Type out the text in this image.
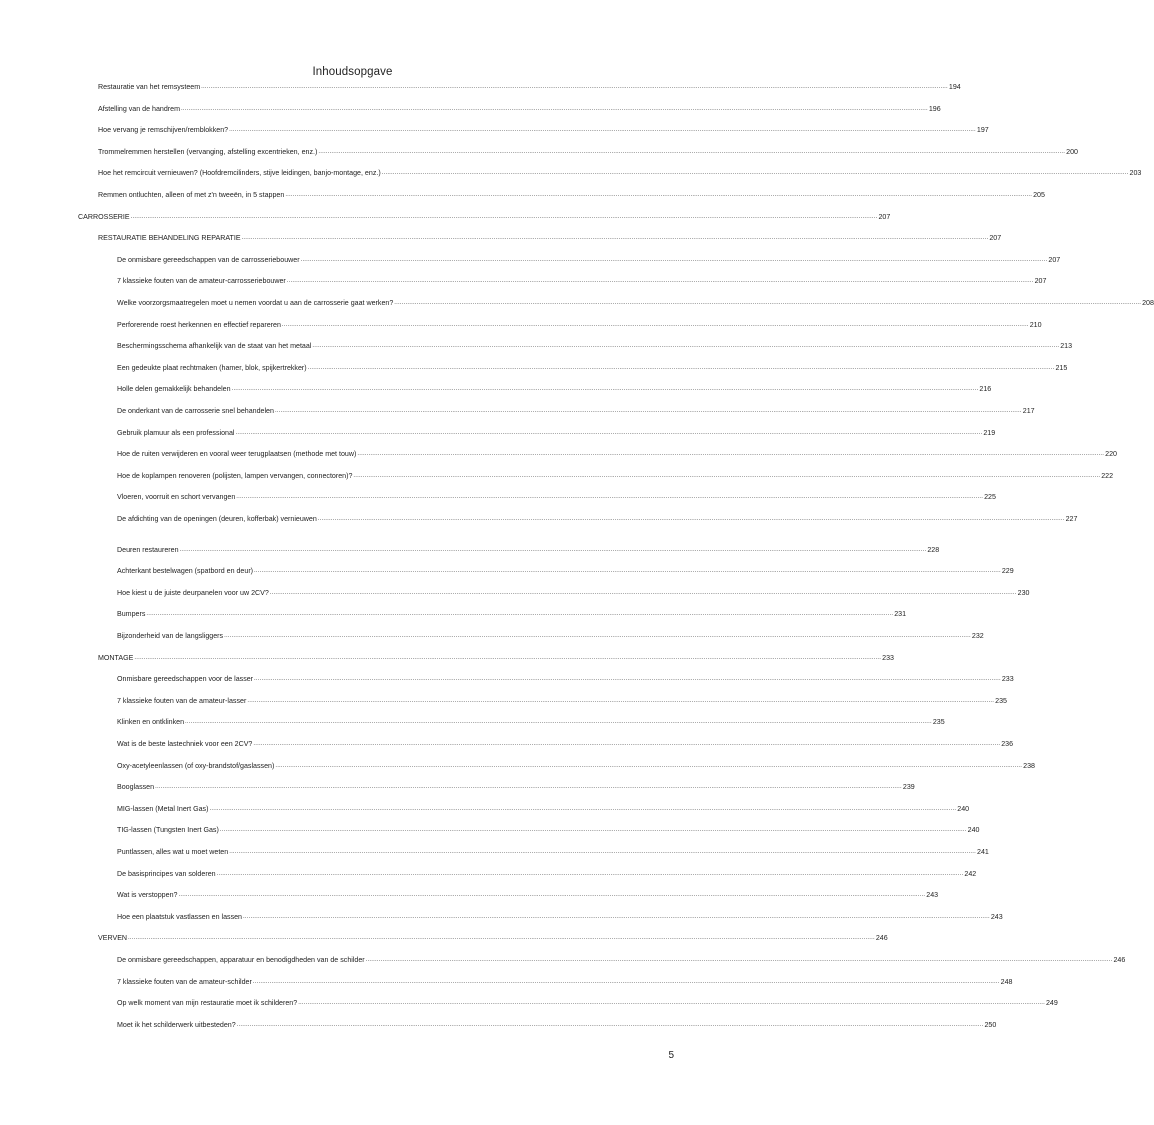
Inhoudsopgave
Restauratie van het remsysteem ................................................................................................................................................................................................................................................................................................................................................................................................................ 194
Afstelling van de handrem ................................................................................................................................................................................................................................................................................................................................................................................................................ 196
Hoe vervang je remschijven/remblokken? ................................................................................................................................................................................................................................................................................................................................................................................................................ 197
Trommelremmen herstellen (vervanging, afstelling excentrieken, enz.) ................................................................................................................................................................................................................................................................................................................................................................................................................ 200
Hoe het remcircuit vernieuwen? (Hoofdremcilinders, stijve leidingen, banjo-montage, enz.) ................................................................................................................................................................................................................................................................................................................................................................................................................ 203
Remmen ontluchten, alleen of met z'n tweeën, in 5 stappen ................................................................................................................................................................................................................................................................................................................................................................................................................ 205
CARROSSERIE ................................................................................................................................................................................................................................................................................................................................................................................................................ 207
RESTAURATIE BEHANDELING REPARATIE ................................................................................................................................................................................................................................................................................................................................................................................................................ 207
De onmisbare gereedschappen van de carrosseriebouwer ................................................................................................................................................................................................................................................................................................................................................................................................................ 207
7 klassieke fouten van de amateur-carrosseriebouwer ................................................................................................................................................................................................................................................................................................................................................................................................................ 207
Welke voorzorgsmaatregelen moet u nemen voordat u aan de carrosserie gaat werken? ................................................................................................................................................................................................................................................................................................................................................................................................................ 208
Perforerende roest herkennen en effectief repareren ................................................................................................................................................................................................................................................................................................................................................................................................................ 210
Beschermingsschema afhankelijk van de staat van het metaal ................................................................................................................................................................................................................................................................................................................................................................................................................ 213
Een gedeukte plaat rechtmaken (hamer, blok, spijkertrekker) ................................................................................................................................................................................................................................................................................................................................................................................................................ 215
Holle delen gemakkelijk behandelen ................................................................................................................................................................................................................................................................................................................................................................................................................ 216
De onderkant van de carrosserie snel behandelen ................................................................................................................................................................................................................................................................................................................................................................................................................ 217
Gebruik plamuur als een professional ................................................................................................................................................................................................................................................................................................................................................................................................................ 219
Hoe de ruiten verwijderen en vooral weer terugplaatsen (methode met touw) ................................................................................................................................................................................................................................................................................................................................................................................................................ 220
Hoe de koplampen renoveren (polijsten, lampen vervangen, connectoren)? ................................................................................................................................................................................................................................................................................................................................................................................................................ 222
Vloeren, voorruit en schort vervangen ................................................................................................................................................................................................................................................................................................................................................................................................................ 225
De afdichting van de openingen (deuren, kofferbak) vernieuwen ................................................................................................................................................................................................................................................................................................................................................................................................................ 227
Deuren restaureren ................................................................................................................................................................................................................................................................................................................................................................................................................ 228
Achterkant bestelwagen (spatbord en deur) ................................................................................................................................................................................................................................................................................................................................................................................................................ 229
Hoe kiest u de juiste deurpanelen voor uw 2CV? ................................................................................................................................................................................................................................................................................................................................................................................................................ 230
Bumpers ................................................................................................................................................................................................................................................................................................................................................................................................................ 231
Bijzonderheid van de langsliggers ................................................................................................................................................................................................................................................................................................................................................................................................................ 232
MONTAGE ................................................................................................................................................................................................................................................................................................................................................................................................................ 233
Onmisbare gereedschappen voor de lasser ................................................................................................................................................................................................................................................................................................................................................................................................................ 233
7 klassieke fouten van de amateur-lasser ................................................................................................................................................................................................................................................................................................................................................................................................................ 235
Klinken en ontklinken ................................................................................................................................................................................................................................................................................................................................................................................................................ 235
Wat is de beste lastechniek voor een 2CV? ................................................................................................................................................................................................................................................................................................................................................................................................................ 236
Oxy-acetyleenlassen (of oxy-brandstof/gaslassen) ................................................................................................................................................................................................................................................................................................................................................................................................................ 238
Booglassen ................................................................................................................................................................................................................................................................................................................................................................................................................ 239
MIG-lassen (Metal Inert Gas) ................................................................................................................................................................................................................................................................................................................................................................................................................ 240
TIG-lassen (Tungsten Inert Gas) ................................................................................................................................................................................................................................................................................................................................................................................................................ 240
Puntlassen, alles wat u moet weten ................................................................................................................................................................................................................................................................................................................................................................................................................ 241
De basisprincipes van solderen ................................................................................................................................................................................................................................................................................................................................................................................................................ 242
Wat is verstoppen? ................................................................................................................................................................................................................................................................................................................................................................................................................ 243
Hoe een plaatstuk vastlassen en lassen ................................................................................................................................................................................................................................................................................................................................................................................................................ 243
VERVEN ................................................................................................................................................................................................................................................................................................................................................................................................................ 246
De onmisbare gereedschappen, apparatuur en benodigdheden van de schilder ................................................................................................................................................................................................................................................................................................................................................................................................................ 246
7 klassieke fouten van de amateur-schilder ................................................................................................................................................................................................................................................................................................................................................................................................................ 248
Op welk moment van mijn restauratie moet ik schilderen? ................................................................................................................................................................................................................................................................................................................................................................................................................ 249
Moet ik het schilderwerk uitbesteden? ................................................................................................................................................................................................................................................................................................................................................................................................................ 250
5
